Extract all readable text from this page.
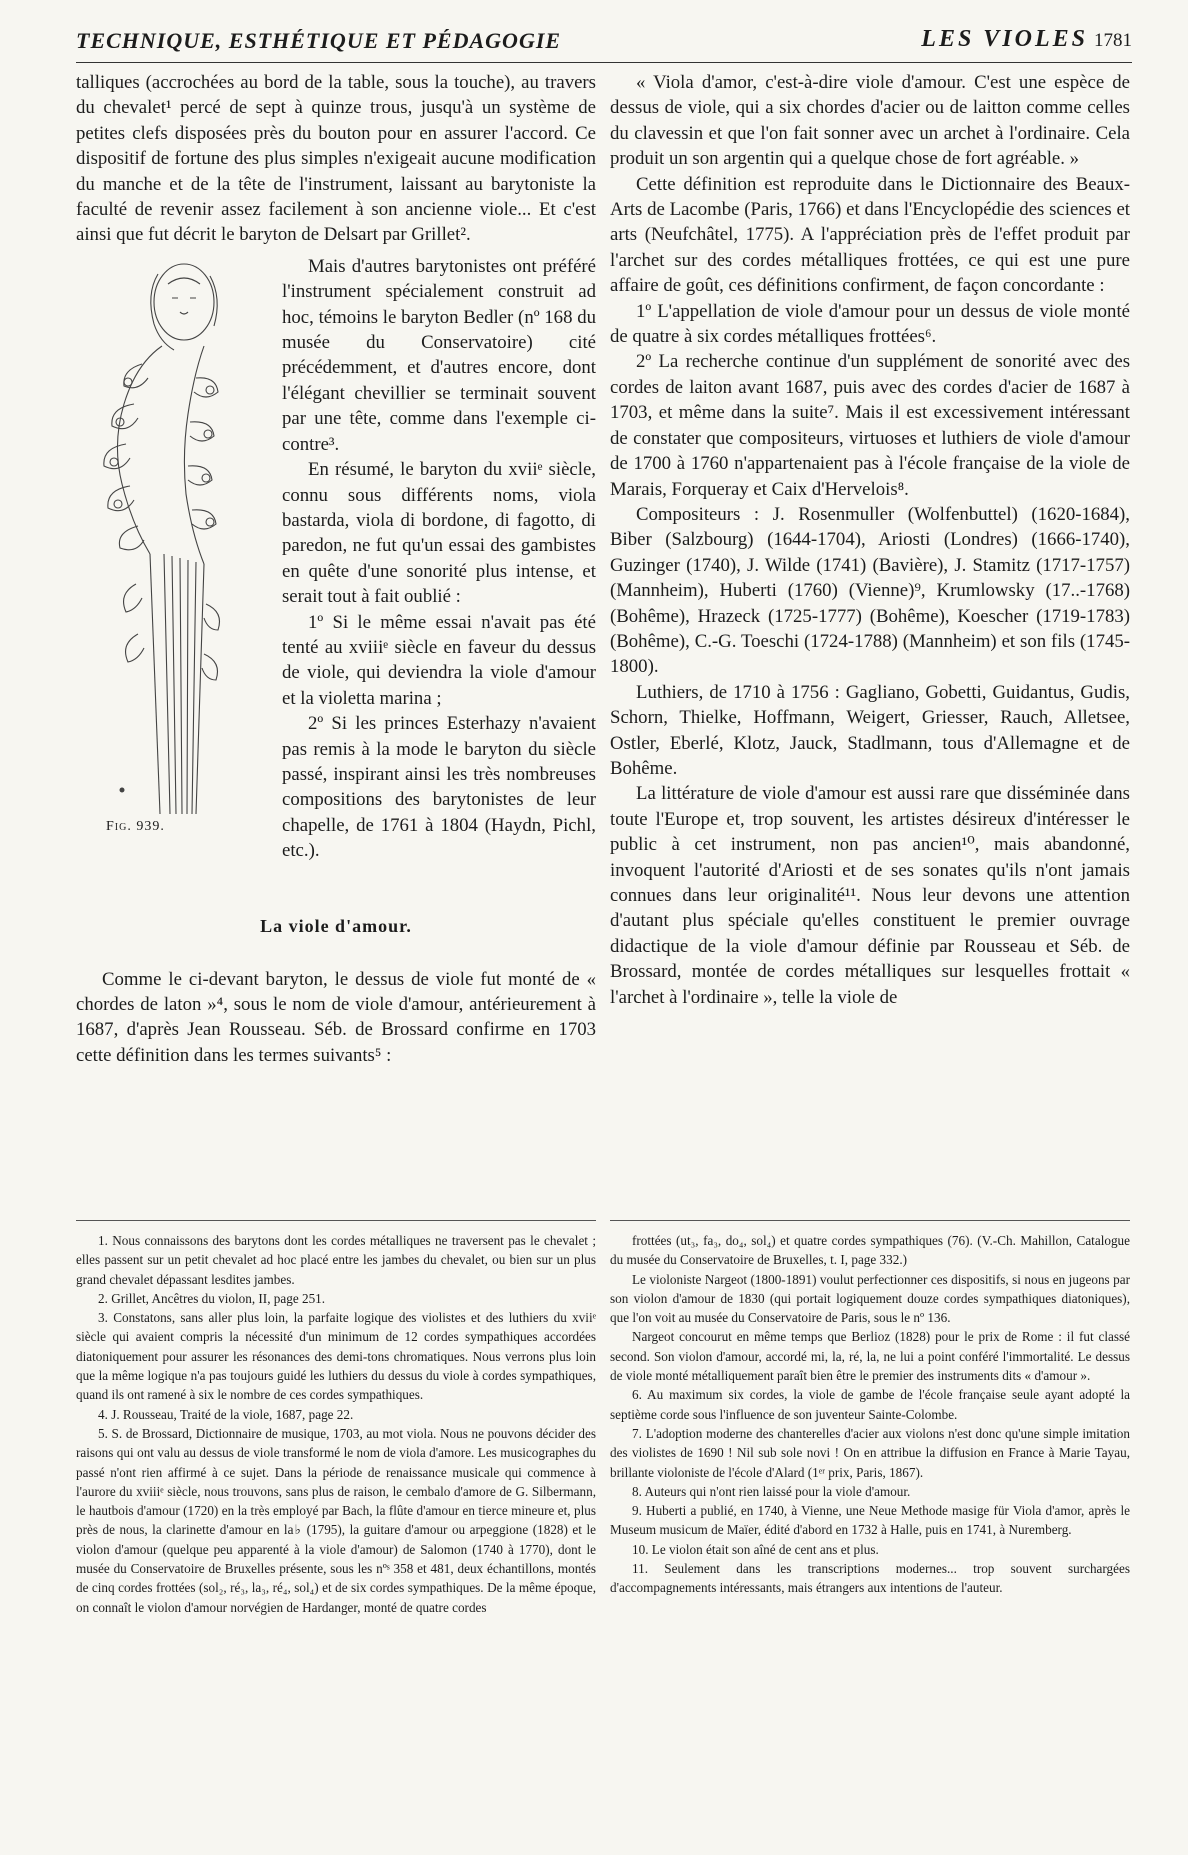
TECHNIQUE, ESTHÉTIQUE ET PÉDAGOGIE	LES VIOLES 1781

talliques (accrochées au bord de la table, sous la touche), au travers du chevalet¹ percé de sept à quinze trous, jusqu'à un système de petites clefs disposées près du bouton pour en assurer l'accord. Ce dispositif de fortune des plus simples n'exigeait aucune modification du manche et de la tête de l'instrument, laissant au barytoniste la faculté de revenir assez facilement à son ancienne viole... Et c'est ainsi que fut décrit le baryton de Delsart par Grillet².

Fig. 939.

Mais d'autres barytonistes ont préféré l'instrument spécialement construit ad hoc, témoins le baryton Bedler (nº 168 du musée du Conservatoire) cité précédemment, et d'autres encore, dont l'élégant chevillier se terminait souvent par une tête, comme dans l'exemple ci-contre³.

En résumé, le baryton du xviiᵉ siècle, connu sous différents noms, viola bastarda, viola di bordone, di fagotto, di paredon, ne fut qu'un essai des gambistes en quête d'une sonorité plus intense, et serait tout à fait oublié :

1º Si le même essai n'avait pas été tenté au xviiiᵉ siècle en faveur du dessus de viole, qui deviendra la viole d'amour et la violetta marina ;

2º Si les princes Esterhazy n'avaient pas remis à la mode le baryton du siècle passé, inspirant ainsi les très nombreuses compositions des barytonistes de leur chapelle, de 1761 à 1804 (Haydn, Pichl, etc.).

La viole d'amour.

Comme le ci-devant baryton, le dessus de viole fut monté de « chordes de laton »⁴, sous le nom de viole d'amour, antérieurement à 1687, d'après Jean Rousseau. Séb. de Brossard confirme en 1703 cette définition dans les termes suivants⁵ :

1. Nous connaissons des barytons dont les cordes métalliques ne traversent pas le chevalet ; elles passent sur un petit chevalet ad hoc placé entre les jambes du chevalet, ou bien sur un plus grand chevalet dépassant lesdites jambes.

2. Grillet, Ancêtres du violon, II, page 251.

3. Constatons, sans aller plus loin, la parfaite logique des violistes et des luthiers du xviiᵉ siècle qui avaient compris la nécessité d'un minimum de 12 cordes sympathiques accordées diatoniquement pour assurer les résonances des demi-tons chromatiques. Nous verrons plus loin que la même logique n'a pas toujours guidé les luthiers du dessus du viole à cordes sympathiques, quand ils ont ramené à six le nombre de ces cordes sympathiques.

4. J. Rousseau, Traité de la viole, 1687, page 22.

5. S. de Brossard, Dictionnaire de musique, 1703, au mot viola. Nous ne pouvons décider des raisons qui ont valu au dessus de viole transformé le nom de viola d'amore. Les musicographes du passé n'ont rien affirmé à ce sujet. Dans la période de renaissance musicale qui commence à l'aurore du xviiiᵉ siècle, nous trouvons, sans plus de raison, le cembalo d'amore de G. Silbermann, le hautbois d'amour (1720) en la très employé par Bach, la flûte d'amour en tierce mineure et, plus près de nous, la clarinette d'amour en la♭ (1795), la guitare d'amour ou arpeggione (1828) et le violon d'amour (quelque peu apparenté à la viole d'amour) de Salomon (1740 à 1770), dont le musée du Conservatoire de Bruxelles présente, sous les nºˢ 358 et 481, deux échantillons, montés de cinq cordes frottées (sol₂, ré₃, la₃, ré₄, sol₄) et de six cordes sympathiques. De la même époque, on connaît le violon d'amour norvégien de Hardanger, monté de quatre cordes

« Viola d'amor, c'est-à-dire viole d'amour. C'est une espèce de dessus de viole, qui a six chordes d'acier ou de laitton comme celles du clavessin et que l'on fait sonner avec un archet à l'ordinaire. Cela produit un son argentin qui a quelque chose de fort agréable. »

Cette définition est reproduite dans le Dictionnaire des Beaux-Arts de Lacombe (Paris, 1766) et dans l'Encyclopédie des sciences et arts (Neufchâtel, 1775). A l'appréciation près de l'effet produit par l'archet sur des cordes métalliques frottées, ce qui est une pure affaire de goût, ces définitions confirment, de façon concordante :

1º L'appellation de viole d'amour pour un dessus de viole monté de quatre à six cordes métalliques frottées⁶.

2º La recherche continue d'un supplément de sonorité avec des cordes de laiton avant 1687, puis avec des cordes d'acier de 1687 à 1703, et même dans la suite⁷. Mais il est excessivement intéressant de constater que compositeurs, virtuoses et luthiers de viole d'amour de 1700 à 1760 n'appartenaient pas à l'école française de la viole de Marais, Forqueray et Caix d'Hervelois⁸.

Compositeurs : J. Rosenmuller (Wolfenbuttel) (1620-1684), Biber (Salzbourg) (1644-1704), Ariosti (Londres) (1666-1740), Guzinger (1740), J. Wilde (1741) (Bavière), J. Stamitz (1717-1757) (Mannheim), Huberti (1760) (Vienne)⁹, Krumlowsky (17..-1768) (Bohême), Hrazeck (1725-1777) (Bohême), Koescher (1719-1783) (Bohême), C.-G. Toeschi (1724-1788) (Mannheim) et son fils (1745-1800).

Luthiers, de 1710 à 1756 : Gagliano, Gobetti, Guidantus, Gudis, Schorn, Thielke, Hoffmann, Weigert, Griesser, Rauch, Alletsee, Ostler, Eberlé, Klotz, Jauck, Stadlmann, tous d'Allemagne et de Bohême.

La littérature de viole d'amour est aussi rare que disséminée dans toute l'Europe et, trop souvent, les artistes désireux d'intéresser le public à cet instrument, non pas ancien¹⁰, mais abandonné, invoquent l'autorité d'Ariosti et de ses sonates qu'ils n'ont jamais connues dans leur originalité¹¹. Nous leur devons une attention d'autant plus spéciale qu'elles constituent le premier ouvrage didactique de la viole d'amour définie par Rousseau et Séb. de Brossard, montée de cordes métalliques sur lesquelles frottait « l'archet à l'ordinaire », telle la viole de

frottées (ut₃, fa₃, do₄, sol₄) et quatre cordes sympathiques (76). (V.-Ch. Mahillon, Catalogue du musée du Conservatoire de Bruxelles, t. I, page 332.)

Le violoniste Nargeot (1800-1891) voulut perfectionner ces dispositifs, si nous en jugeons par son violon d'amour de 1830 (qui portait logiquement douze cordes sympathiques diatoniques), que l'on voit au musée du Conservatoire de Paris, sous le nº 136.

Nargeot concourut en même temps que Berlioz (1828) pour le prix de Rome : il fut classé second. Son violon d'amour, accordé mi, la, ré, la, ne lui a point conféré l'immortalité. Le dessus de viole monté métalliquement paraît bien être le premier des instruments dits « d'amour ».

6. Au maximum six cordes, la viole de gambe de l'école française seule ayant adopté la septième corde sous l'influence de son juventeur Sainte-Colombe.

7. L'adoption moderne des chanterelles d'acier aux violons n'est donc qu'une simple imitation des violistes de 1690 ! Nil sub sole novi ! On en attribue la diffusion en France à Marie Tayau, brillante violoniste de l'école d'Alard (1ᵉʳ prix, Paris, 1867).

8. Auteurs qui n'ont rien laissé pour la viole d'amour.

9. Huberti a publié, en 1740, à Vienne, une Neue Methode masige für Viola d'amor, après le Museum musicum de Maïer, édité d'abord en 1732 à Halle, puis en 1741, à Nuremberg.

10. Le violon était son aîné de cent ans et plus.

11. Seulement dans les transcriptions modernes... trop souvent surchargées d'accompagnements intéressants, mais étrangers aux intentions de l'auteur.
